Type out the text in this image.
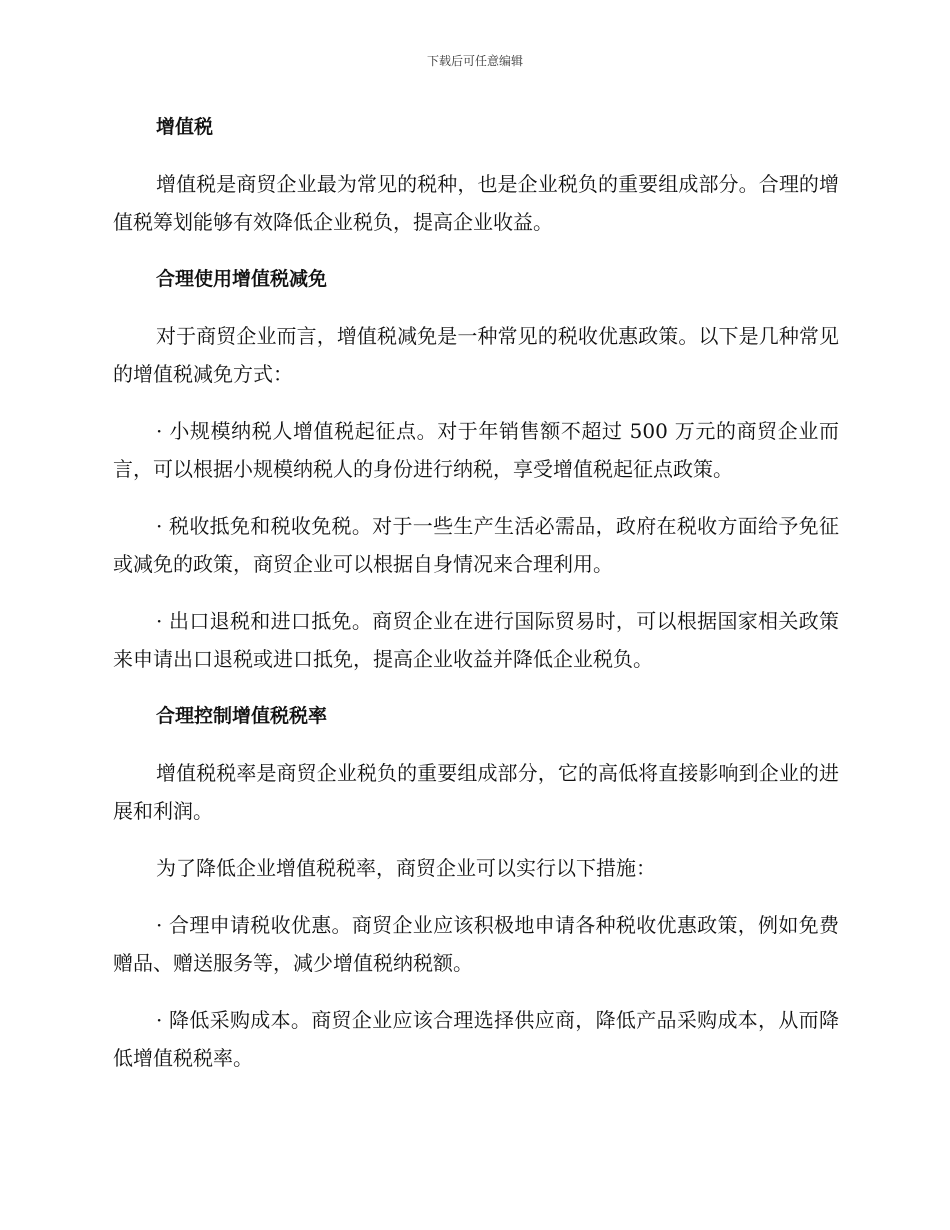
下载后可任意编辑
增值税

增值税是商贸企业最为常见的税种，也是企业税负的重要组成部分。合理的增值税筹划能够有效降低企业税负，提高企业收益。

合理使用增值税减免

对于商贸企业而言，增值税减免是一种常见的税收优惠政策。以下是几种常见的增值税减免方式：

· 小规模纳税人增值税起征点。对于年销售额不超过 500 万元的商贸企业而言，可以根据小规模纳税人的身份进行纳税，享受增值税起征点政策。

· 税收抵免和税收免税。对于一些生产生活必需品，政府在税收方面给予免征或减免的政策，商贸企业可以根据自身情况来合理利用。

· 出口退税和进口抵免。商贸企业在进行国际贸易时，可以根据国家相关政策来申请出口退税或进口抵免，提高企业收益并降低企业税负。

合理控制增值税税率

增值税税率是商贸企业税负的重要组成部分，它的高低将直接影响到企业的进展和利润。

为了降低企业增值税税率，商贸企业可以实行以下措施：

· 合理申请税收优惠。商贸企业应该积极地申请各种税收优惠政策，例如免费赠品、赠送服务等，减少增值税纳税额。

· 降低采购成本。商贸企业应该合理选择供应商，降低产品采购成本，从而降低增值税税率。
